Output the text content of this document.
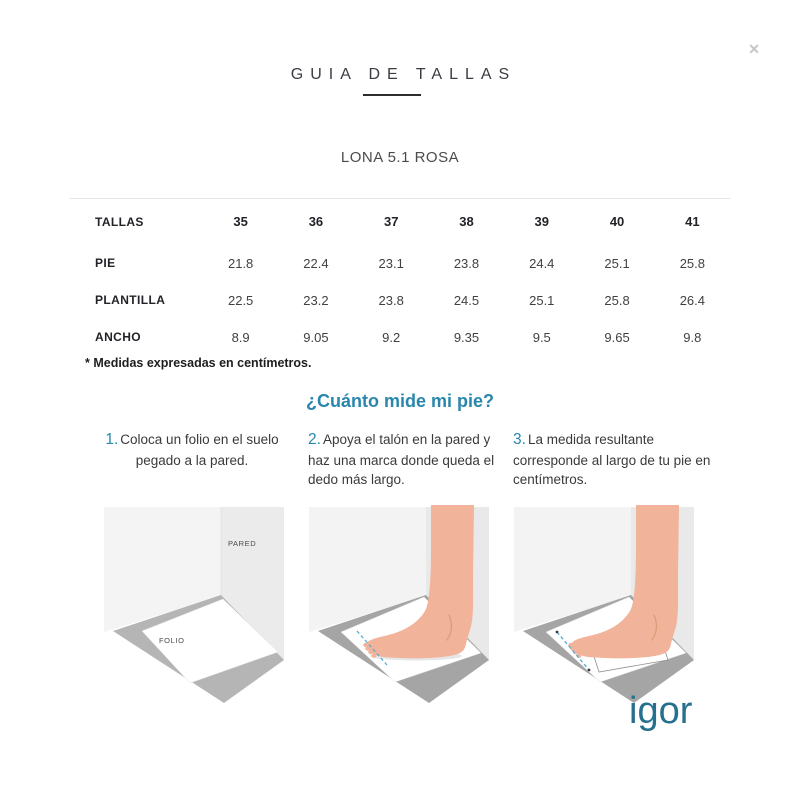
✕
GUIA DE TALLAS
LONA 5.1 ROSA
TALLAS	35	36	37	38	39	40	41
PIE	21.8	22.4	23.1	23.8	24.4	25.1	25.8
PLANTILLA	22.5	23.2	23.8	24.5	25.1	25.8	26.4
ANCHO	8.9	9.05	9.2	9.35	9.5	9.65	9.8
* Medidas expresadas en centímetros.
¿Cuánto mide mi pie?
1. Coloca un folio en el suelo pegado a la pared.
2. Apoya el talón en la pared y haz una marca donde queda el dedo más largo.
3. La medida resultante corresponde al largo de tu pie en centímetros.
PARED
FOLIO
igor
